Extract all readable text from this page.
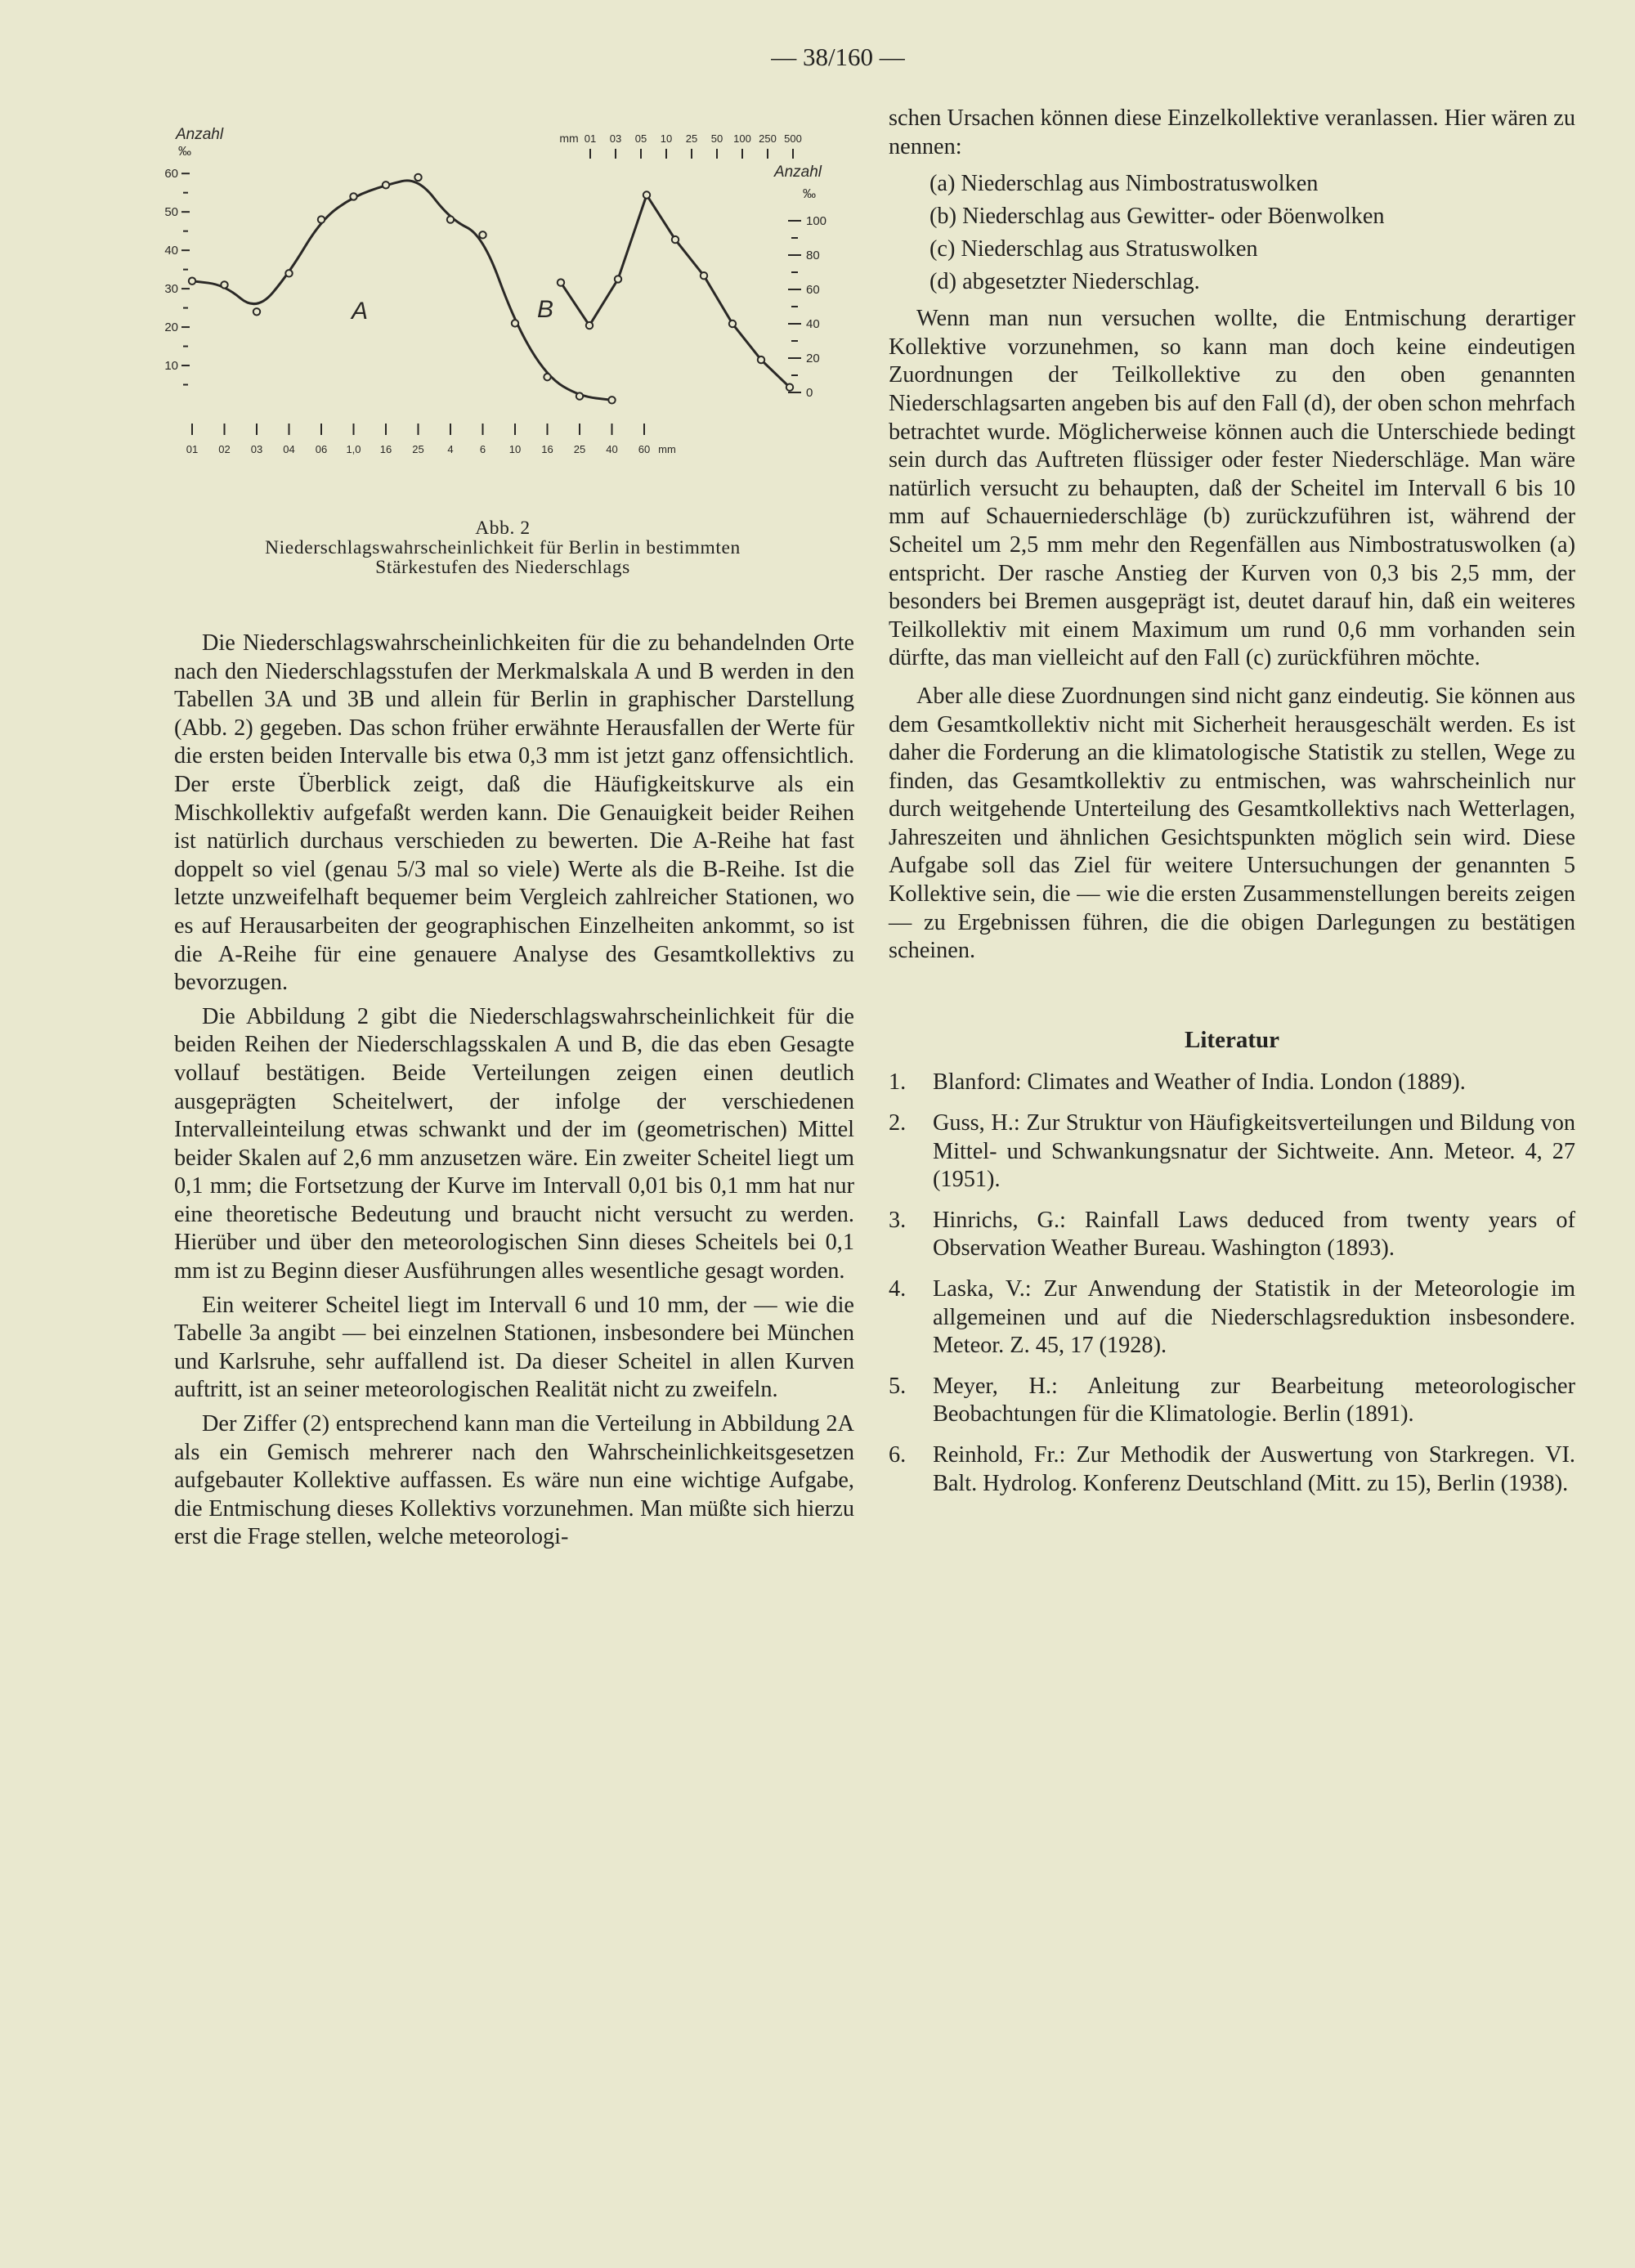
— 38/160 —
Anzahl
‰
60
50
40
30
20
10
01 02 03 04 06 1,0 16 25 4 6 10 16 25 40 60 mm
mm 01 03 05 10 25 50 100 250 500
Anzahl
‰
100
80
60
40
20
0
A	B
Abb. 2
Niederschlagswahrscheinlichkeit für Berlin in bestimmten
Stärkestufen des Niederschlags

Die Niederschlagswahrscheinlichkeiten für die zu behandelnden Orte nach den Niederschlagsstufen der Merkmalskala A und B werden in den Tabellen 3A und 3B und allein für Berlin in graphischer Darstellung (Abb. 2) gegeben. Das schon früher erwähnte Herausfallen der Werte für die ersten beiden Intervalle bis etwa 0,3 mm ist jetzt ganz offensichtlich. Der erste Überblick zeigt, daß die Häufigkeitskurve als ein Mischkollektiv aufgefaßt werden kann. Die Genauigkeit beider Reihen ist natürlich durchaus verschieden zu bewerten. Die A-Reihe hat fast doppelt so viel (genau 5/3 mal so viele) Werte als die B-Reihe. Ist die letzte unzweifelhaft bequemer beim Vergleich zahlreicher Stationen, wo es auf Herausarbeiten der geographischen Einzelheiten ankommt, so ist die A-Reihe für eine genauere Analyse des Gesamtkollektivs zu bevorzugen.

Die Abbildung 2 gibt die Niederschlagswahrscheinlichkeit für die beiden Reihen der Niederschlagsskalen A und B, die das eben Gesagte vollauf bestätigen. Beide Verteilungen zeigen einen deutlich ausgeprägten Scheitelwert, der infolge der verschiedenen Intervalleinteilung etwas schwankt und der im (geometrischen) Mittel beider Skalen auf 2,6 mm anzusetzen wäre. Ein zweiter Scheitel liegt um 0,1 mm; die Fortsetzung der Kurve im Intervall 0,01 bis 0,1 mm hat nur eine theoretische Bedeutung und braucht nicht versucht zu werden. Hierüber und über den meteorologischen Sinn dieses Scheitels bei 0,1 mm ist zu Beginn dieser Ausführungen alles wesentliche gesagt worden.

Ein weiterer Scheitel liegt im Intervall 6 und 10 mm, der — wie die Tabelle 3a angibt — bei einzelnen Stationen, insbesondere bei München und Karlsruhe, sehr auffallend ist. Da dieser Scheitel in allen Kurven auftritt, ist an seiner meteorologischen Realität nicht zu zweifeln.

Der Ziffer (2) entsprechend kann man die Verteilung in Abbildung 2A als ein Gemisch mehrerer nach den Wahrscheinlichkeitsgesetzen aufgebauter Kollektive auffassen. Es wäre nun eine wichtige Aufgabe, die Entmischung dieses Kollektivs vorzunehmen. Man müßte sich hierzu erst die Frage stellen, welche meteorologi-

schen Ursachen können diese Einzelkollektive veranlassen. Hier wären zu nennen:
(a) Niederschlag aus Nimbostratuswolken
(b) Niederschlag aus Gewitter- oder Böenwolken
(c) Niederschlag aus Stratuswolken
(d) abgesetzter Niederschlag.

Wenn man nun versuchen wollte, die Entmischung derartiger Kollektive vorzunehmen, so kann man doch keine eindeutigen Zuordnungen der Teilkollektive zu den oben genannten Niederschlagsarten angeben bis auf den Fall (d), der oben schon mehrfach betrachtet wurde. Möglicherweise können auch die Unterschiede bedingt sein durch das Auftreten flüssiger oder fester Niederschläge. Man wäre natürlich versucht zu behaupten, daß der Scheitel im Intervall 6 bis 10 mm auf Schauerniederschläge (b) zurückzuführen ist, während der Scheitel um 2,5 mm mehr den Regenfällen aus Nimbostratuswolken (a) entspricht. Der rasche Anstieg der Kurven von 0,3 bis 2,5 mm, der besonders bei Bremen ausgeprägt ist, deutet darauf hin, daß ein weiteres Teilkollektiv mit einem Maximum um rund 0,6 mm vorhanden sein dürfte, das man vielleicht auf den Fall (c) zurückführen möchte.

Aber alle diese Zuordnungen sind nicht ganz eindeutig. Sie können aus dem Gesamtkollektiv nicht mit Sicherheit herausgeschält werden. Es ist daher die Forderung an die klimatologische Statistik zu stellen, Wege zu finden, das Gesamtkollektiv zu entmischen, was wahrscheinlich nur durch weitgehende Unterteilung des Gesamtkollektivs nach Wetterlagen, Jahreszeiten und ähnlichen Gesichtspunkten möglich sein wird. Diese Aufgabe soll das Ziel für weitere Untersuchungen der genannten 5 Kollektive sein, die — wie die ersten Zusammenstellungen bereits zeigen — zu Ergebnissen führen, die die obigen Darlegungen zu bestätigen scheinen.

Literatur
1. Blanford: Climates and Weather of India. London (1889).
2. Guss, H.: Zur Struktur von Häufigkeitsverteilungen und Bildung von Mittel- und Schwankungsnatur der Sichtweite. Ann. Meteor. 4, 27 (1951).
3. Hinrichs, G.: Rainfall Laws deduced from twenty years of Observation Weather Bureau. Washington (1893).
4. Laska, V.: Zur Anwendung der Statistik in der Meteorologie im allgemeinen und auf die Niederschlagsreduktion insbesondere. Meteor. Z. 45, 17 (1928).
5. Meyer, H.: Anleitung zur Bearbeitung meteorologischer Beobachtungen für die Klimatologie. Berlin (1891).
6. Reinhold, Fr.: Zur Methodik der Auswertung von Starkregen. VI. Balt. Hydrolog. Konferenz Deutschland (Mitt. zu 15), Berlin (1938).
